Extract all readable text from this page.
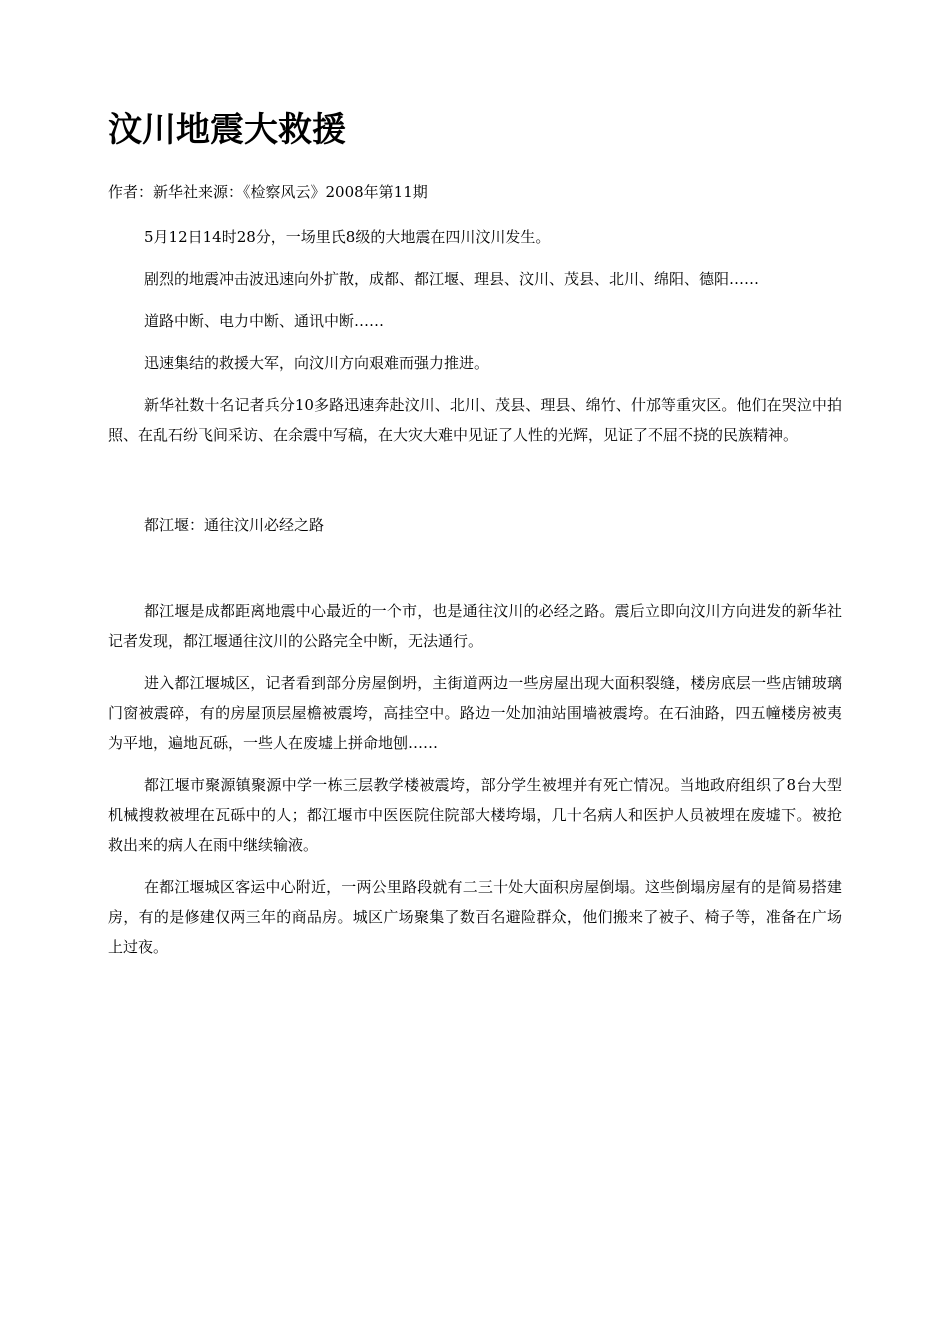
汶川地震大救援

作者：新华社来源：《检察风云》2008年第11期

5月12日14时28分，一场里氏8级的大地震在四川汶川发生。

剧烈的地震冲击波迅速向外扩散，成都、都江堰、理县、汶川、茂县、北川、绵阳、德阳……

道路中断、电力中断、通讯中断……

迅速集结的救援大军，向汶川方向艰难而强力推进。

新华社数十名记者兵分10多路迅速奔赴汶川、北川、茂县、理县、绵竹、什邡等重灾区。他们在哭泣中拍照、在乱石纷飞间采访、在余震中写稿，在大灾大难中见证了人性的光辉，见证了不屈不挠的民族精神。

都江堰：通往汶川必经之路

都江堰是成都距离地震中心最近的一个市，也是通往汶川的必经之路。震后立即向汶川方向进发的新华社记者发现，都江堰通往汶川的公路完全中断，无法通行。

进入都江堰城区，记者看到部分房屋倒坍，主街道两边一些房屋出现大面积裂缝，楼房底层一些店铺玻璃门窗被震碎，有的房屋顶层屋檐被震垮，高挂空中。路边一处加油站围墙被震垮。在石油路，四五幢楼房被夷为平地，遍地瓦砾，一些人在废墟上拼命地刨……

都江堰市聚源镇聚源中学一栋三层教学楼被震垮，部分学生被埋并有死亡情况。当地政府组织了8台大型机械搜救被埋在瓦砾中的人；都江堰市中医医院住院部大楼垮塌，几十名病人和医护人员被埋在废墟下。被抢救出来的病人在雨中继续输液。

在都江堰城区客运中心附近，一两公里路段就有二三十处大面积房屋倒塌。这些倒塌房屋有的是简易搭建房，有的是修建仅两三年的商品房。城区广场聚集了数百名避险群众，他们搬来了被子、椅子等，准备在广场上过夜。
